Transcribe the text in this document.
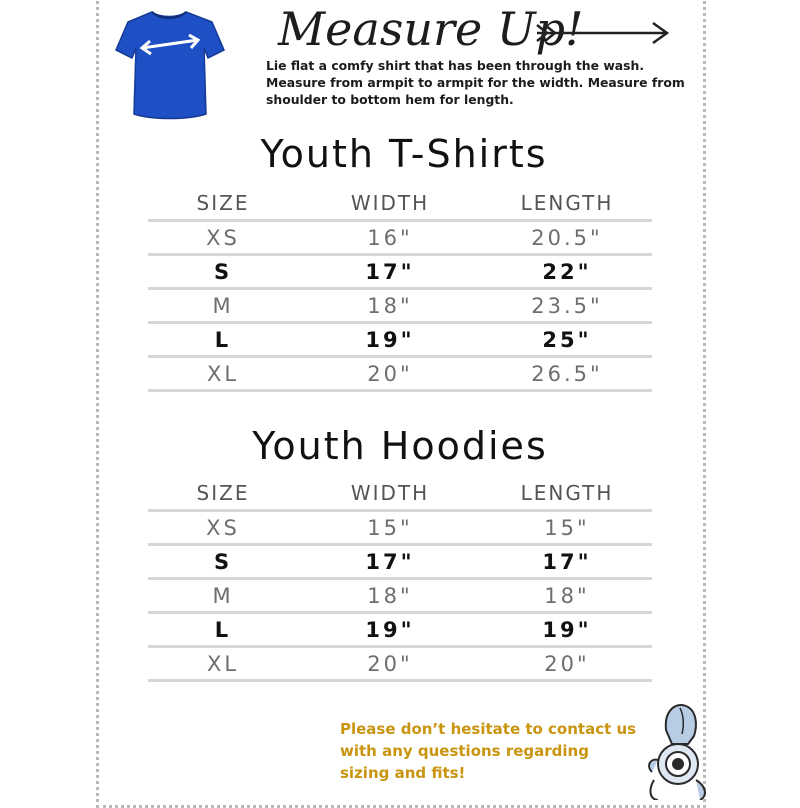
Measure Up!
Lie flat a comfy shirt that has been through the wash. Measure from armpit to armpit for the width. Measure from shoulder to bottom hem for length.
Youth T-Shirts
SIZE	WIDTH	LENGTH
XS	16"	20.5"
S	17"	22"
M	18"	23.5"
L	19"	25"
XL	20"	26.5"
Youth Hoodies
SIZE	WIDTH	LENGTH
XS	15"	15"
S	17"	17"
M	18"	18"
L	19"	19"
XL	20"	20"
Please don’t hesitate to contact us with any questions regarding sizing and fits!
